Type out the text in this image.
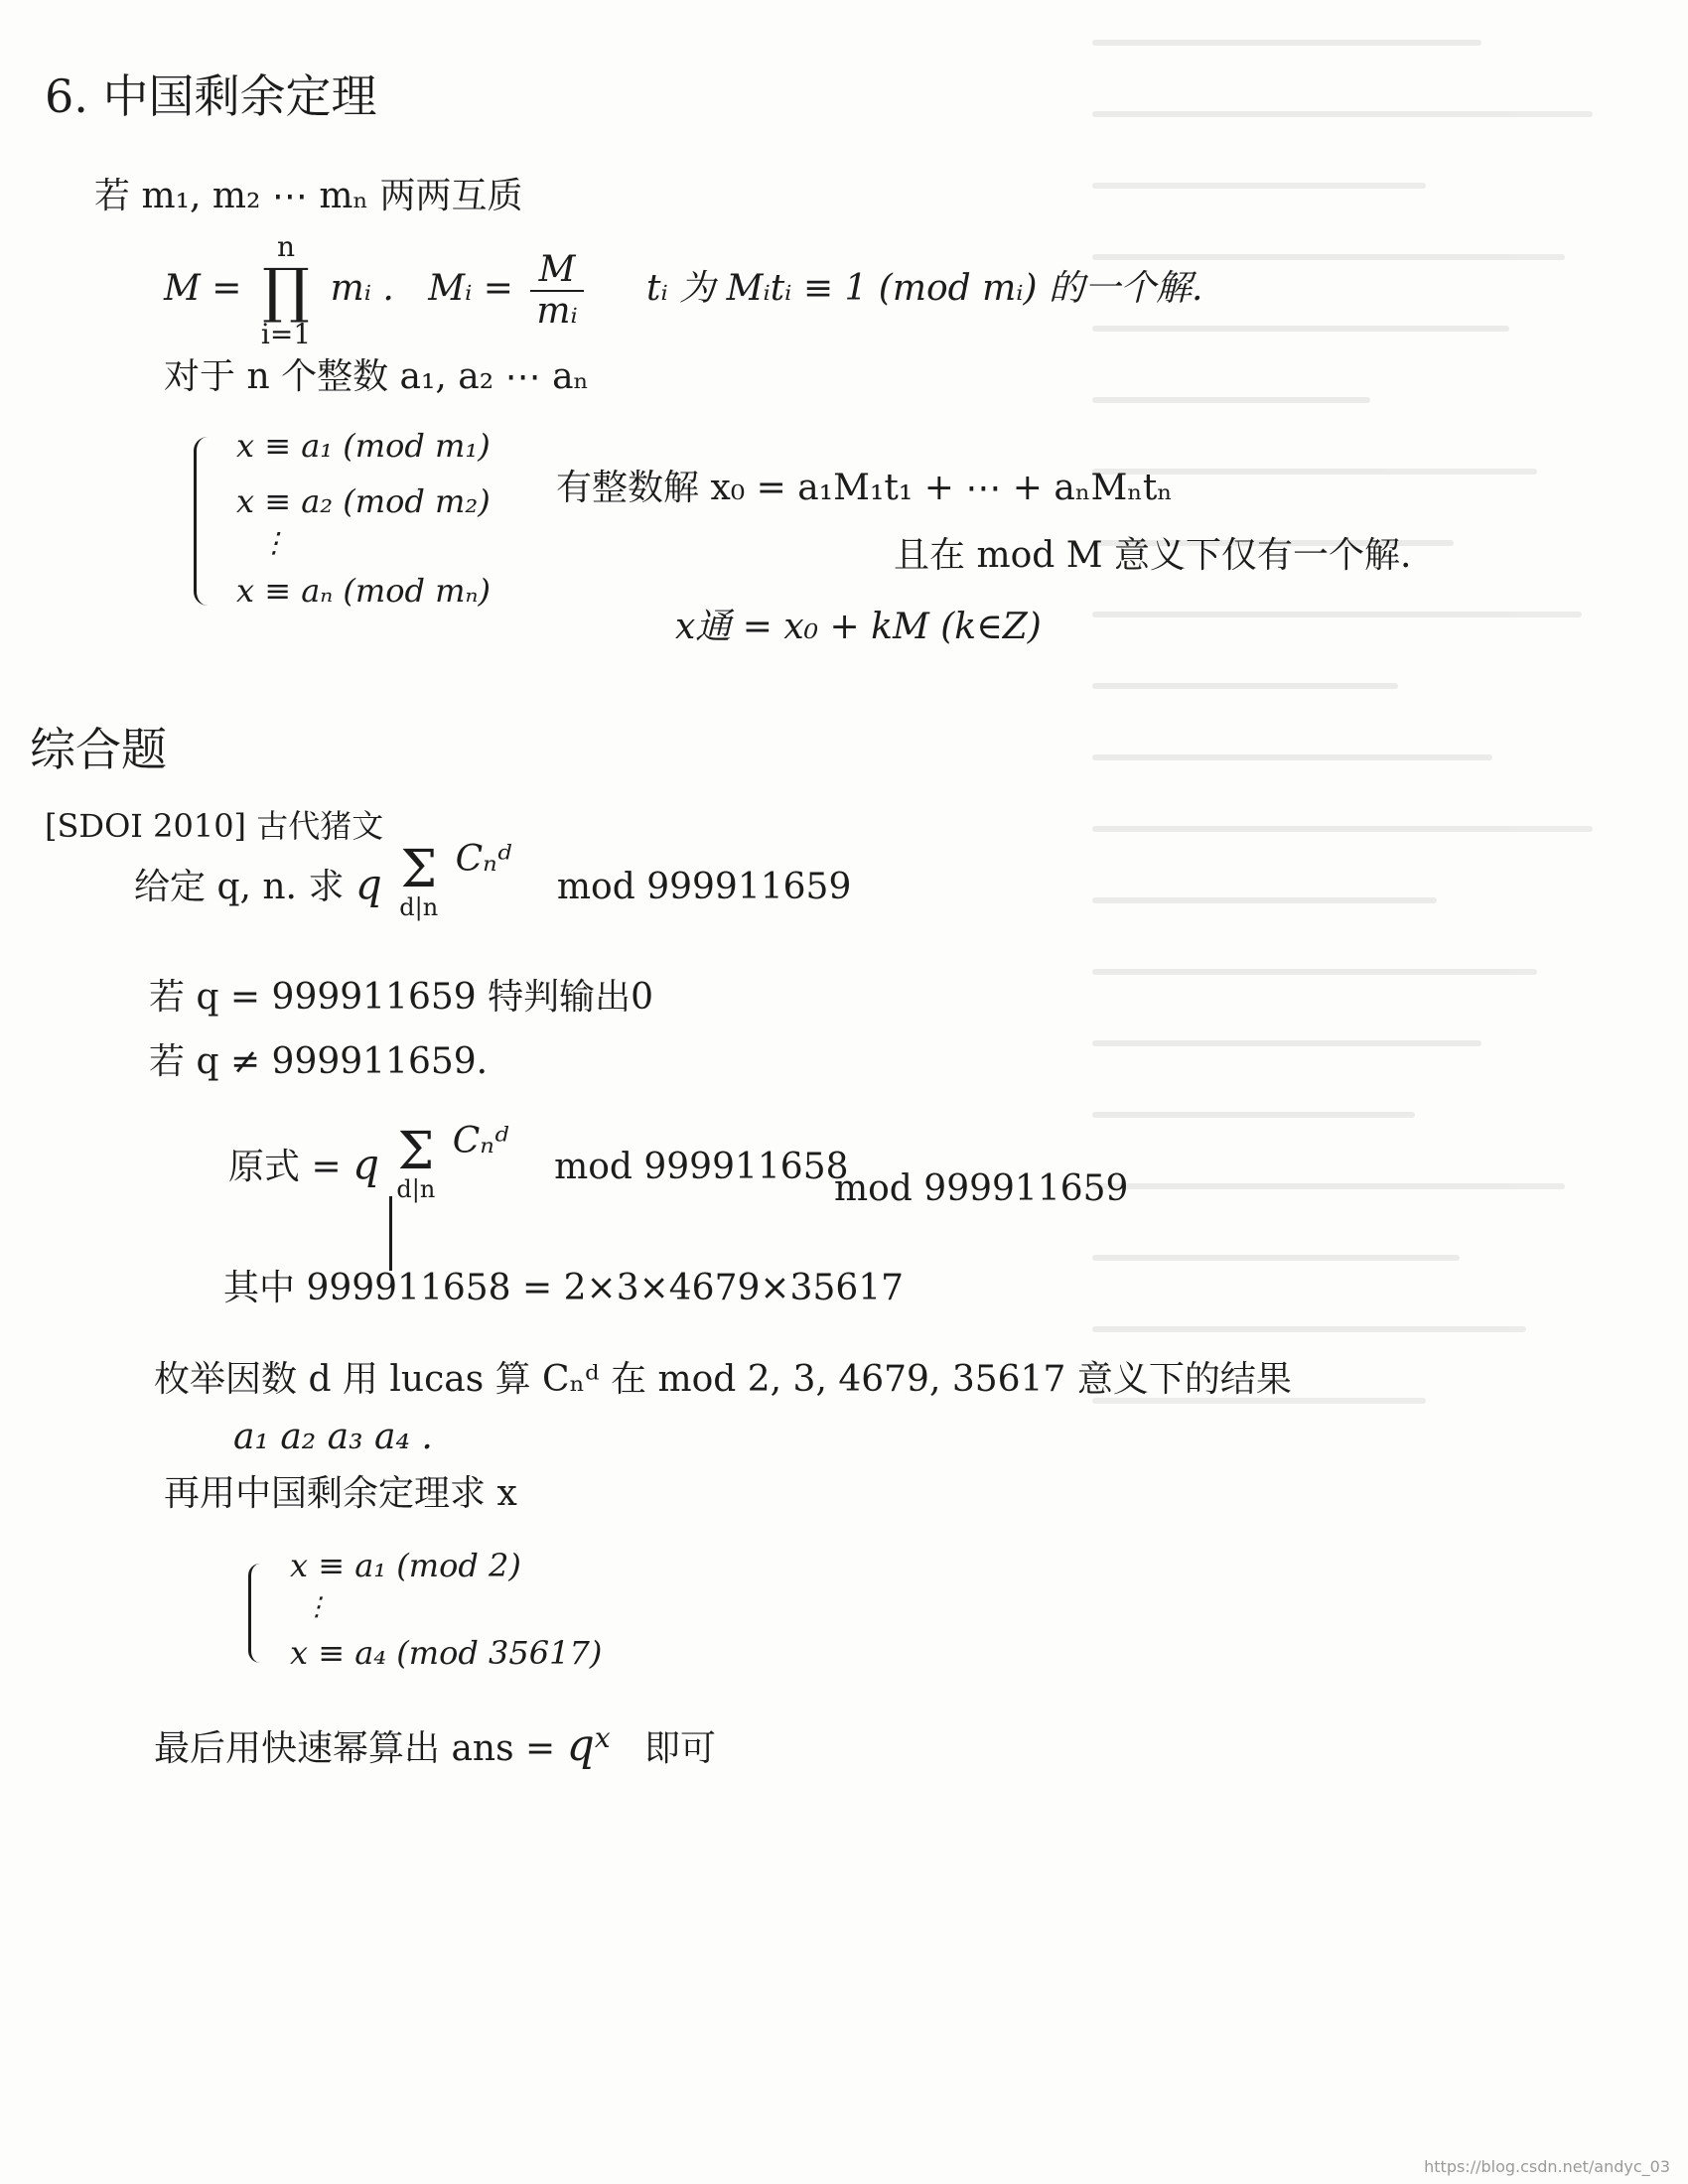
6. 中国剩余定理
若 m₁, m₂ ⋯ mₙ 两两互质
M = n
∏
i=1 mᵢ . Mᵢ = $\frac{M}{\text{mᵢ}}$ tᵢ 为 Mᵢtᵢ ≡ 1 (mod mᵢ) 的一个解.
对于 n 个整数 a₁, a₂ ⋯ aₙ
x ≡ a₁ (mod m₁)
x ≡ a₂ (mod m₂)
⋮
x ≡ aₙ (mod mₙ)
有整数解 x₀ = a₁M₁t₁ + ⋯ + aₙMₙtₙ
且在 mod M 意义下仅有一个解.
x通 = x₀ + kM (k∈Z)
综合题
[SDOI 2010] 古代猪文
给定 q, n. 求 q Σ
d|n Cₙᵈ    mod 999911659
若 q = 999911659 特判输出0
若 q ≠ 999911659.
原式 = q Σ
d|n Cₙᵈ    mod 999911658
mod 999911659
其中 999911658 = 2×3×4679×35617
枚举因数 d 用 lucas 算 Cₙᵈ 在 mod 2, 3, 4679, 35617 意义下的结果
a₁ a₂ a₃ a₄ .
再用中国剩余定理求 x
x ≡ a₁ (mod 2)
⋮
x ≡ a₄ (mod 35617)
最后用快速幂算出 ans = $q^x$ 即可
https://blog.csdn.net/andyc_03
